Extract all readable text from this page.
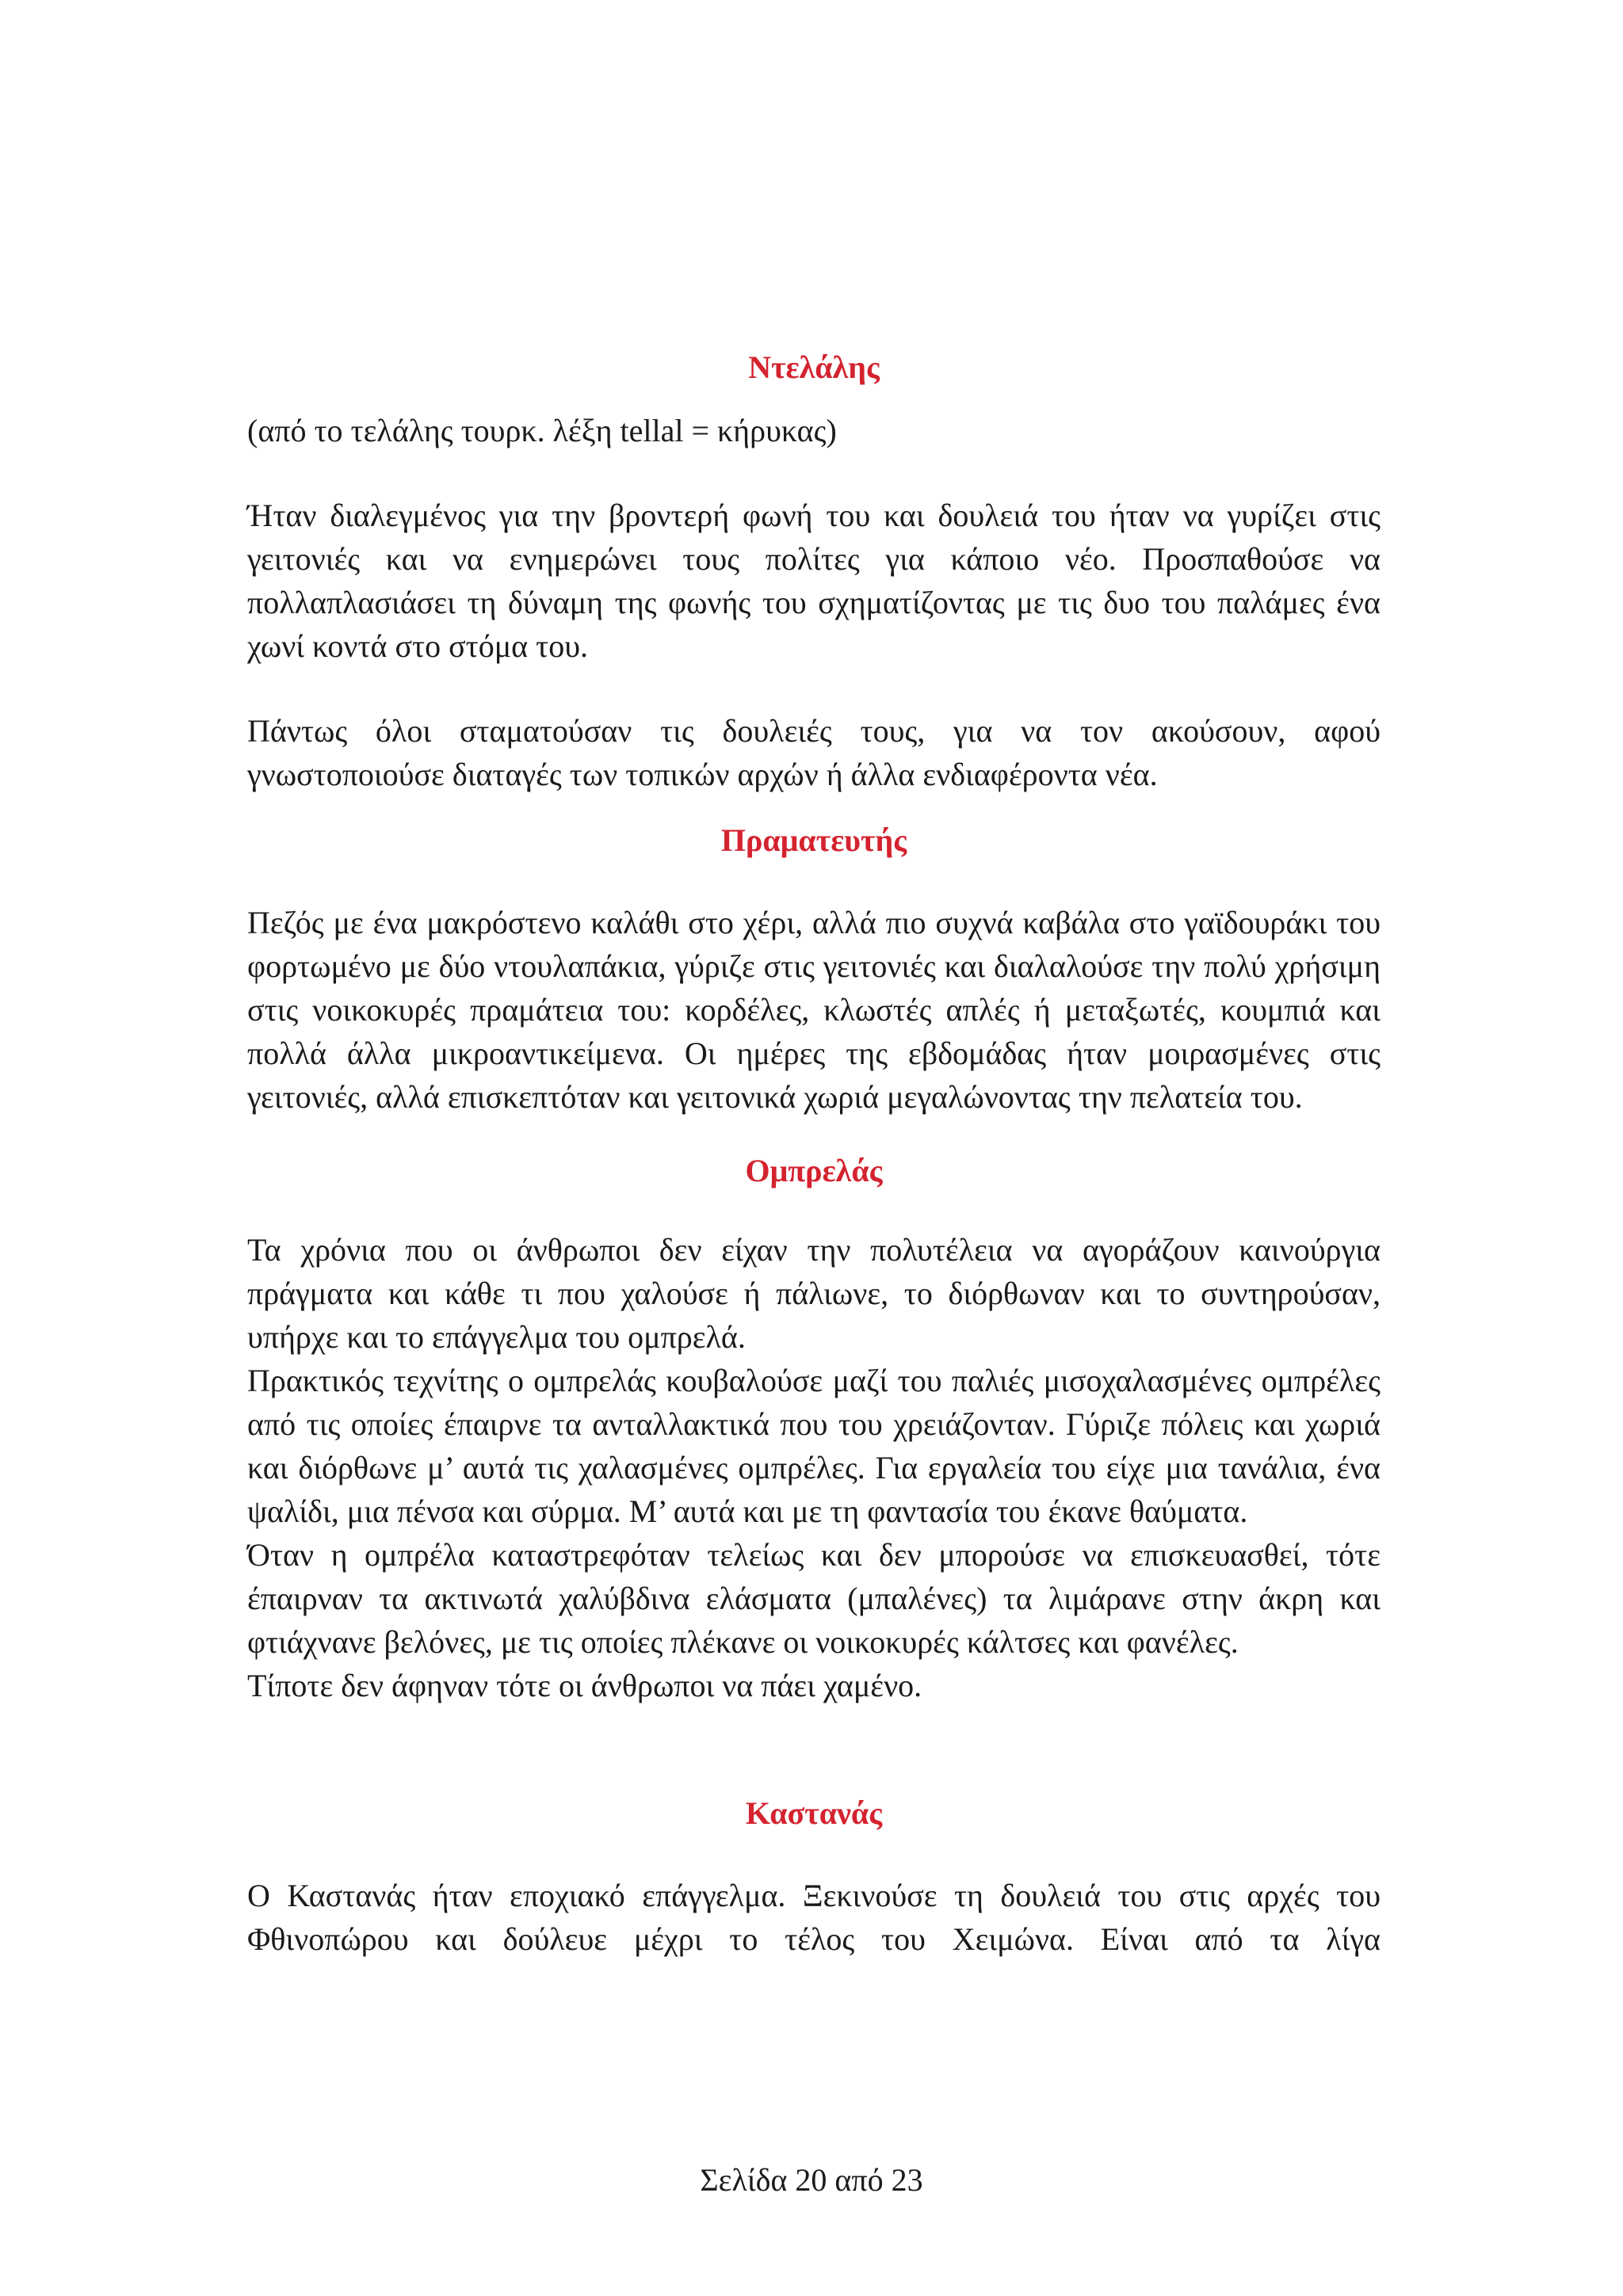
Ντελάλης

(από το τελάλης τουρκ. λέξη tellal = κήρυκας)

Ήταν διαλεγμένος για την βροντερή φωνή του και δουλειά του ήταν να γυρίζει στις γειτονιές και να ενημερώνει τους πολίτες για κάποιο νέο. Προσπαθούσε να πολλαπλασιάσει τη δύναμη της φωνής του σχηματίζοντας με τις δυο του παλάμες ένα χωνί κοντά στο στόμα του.

Πάντως όλοι σταματούσαν τις δουλειές τους, για να τον ακούσουν, αφού γνωστοποιούσε διαταγές των τοπικών αρχών ή άλλα ενδιαφέροντα νέα.

Πραματευτής

Πεζός με ένα μακρόστενο καλάθι στο χέρι, αλλά πιο συχνά καβάλα στο γαϊδουράκι του φορτωμένο με δύο ντουλαπάκια, γύριζε στις γειτονιές και διαλαλούσε την πολύ χρήσιμη στις νοικοκυρές πραμάτεια του: κορδέλες, κλωστές απλές ή μεταξωτές, κουμπιά και πολλά άλλα μικροαντικείμενα. Οι ημέρες της εβδομάδας ήταν μοιρασμένες στις γειτονιές, αλλά επισκεπτόταν και γειτονικά χωριά μεγαλώνοντας την πελατεία του.

Ομπρελάς

Τα χρόνια που οι άνθρωποι δεν είχαν την πολυτέλεια να αγοράζουν καινούργια πράγματα και κάθε τι που χαλούσε ή πάλιωνε, το διόρθωναν και το συντηρούσαν, υπήρχε και το επάγγελμα του ομπρελά.

Πρακτικός τεχνίτης ο ομπρελάς κουβαλούσε μαζί του παλιές μισοχαλασμένες ομπρέλες από τις οποίες έπαιρνε τα ανταλλακτικά που του χρειάζονταν. Γύριζε πόλεις και χωριά και διόρθωνε μ’ αυτά τις χαλασμένες ομπρέλες. Για εργαλεία του είχε μια τανάλια, ένα ψαλίδι, μια πένσα και σύρμα. Μ’ αυτά και με τη φαντασία του έκανε θαύματα.

Όταν η ομπρέλα καταστρεφόταν τελείως και δεν μπορούσε να επισκευασθεί, τότε έπαιρναν τα ακτινωτά χαλύβδινα ελάσματα (μπαλένες) τα λιμάρανε στην άκρη και φτιάχνανε βελόνες, με τις οποίες πλέκανε οι νοικοκυρές κάλτσες και φανέλες.

Τίποτε δεν άφηναν τότε οι άνθρωποι να πάει χαμένο.

Καστανάς

Ο Καστανάς ήταν εποχιακό επάγγελμα. Ξεκινούσε τη δουλειά του στις αρχές του Φθινοπώρου και δούλευε μέχρι το τέλος του Χειμώνα. Είναι από τα λίγα

Σελίδα 20 από 23
